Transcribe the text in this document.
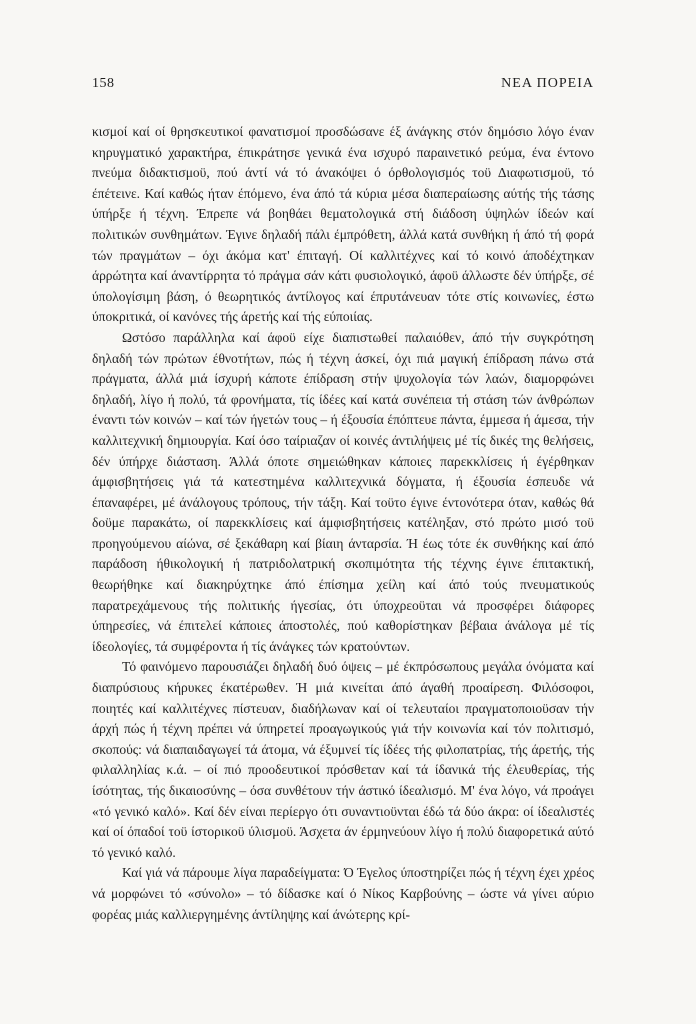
158	ΝΕΑ ΠΟΡΕΙΑ

κισμοί καί οί θρησκευτικοί φανατισμοί προσδώσανε έξ άνάγκης στόν δημόσιο λόγο έναν κηρυγματικό χαρακτήρα, έπικράτησε γενικά ένα ισχυρό παραινετικό ρεύμα, ένα έντονο πνεύμα διδακτισμοϋ, πού άντί νά τό άνακόψει ό όρθολογισμός τοϋ Διαφωτισμοϋ, τό έπέτεινε. Καί καθώς ήταν έπόμενο, ένα άπό τά κύρια μέσα διαπεραίωσης αύτής τής τάσης ύπήρξε ή τέχνη. Έπρεπε νά βοηθάει θεματολογικά στή διάδοση ύψηλών ίδεών καί πολιτικών συνθημάτων. Έγινε δηλαδή πάλι έμπρόθετη, άλλά κατά συνθήκη ή άπό τή φορά τών πραγμάτων – όχι άκόμα κατ' έπιταγή. Οί καλλιτέχνες καί τό κοινό άποδέχτηκαν άρρώτητα καί άναντίρρητα τό πράγμα σάν κάτι φυσιολογικό, άφοϋ άλλωστε δέν ύπήρξε, σέ ύπολογίσιμη βάση, ό θεωρητικός άντίλογος καί έπρυτάνευαν τότε στίς κοινωνίες, έστω ύποκριτικά, οί κανόνες τής άρετής καί τής εύποιίας.

Ωστόσο παράλληλα καί άφοϋ είχε διαπιστωθεί παλαιόθεν, άπό τήν συγκρότηση δηλαδή τών πρώτων έθνοτήτων, πώς ή τέχνη άσκεί, όχι πιά μαγική έπίδραση πάνω στά πράγματα, άλλά μιά ίσχυρή κάποτε έπίδραση στήν ψυχολογία τών λαών, διαμορφώνει δηλαδή, λίγο ή πολύ, τά φρονήματα, τίς ίδέες καί κατά συνέπεια τή στάση τών άνθρώπων έναντι τών κοινών – καί τών ήγετών τους – ή έξουσία έπόπτευε πάντα, έμμεσα ή άμεσα, τήν καλλιτεχνική δημιουργία. Καί όσο ταίριαζαν οί κοινές άντιλήψεις μέ τίς δικές της θελήσεις, δέν ύπήρχε διάσταση. Άλλά όποτε σημειώθηκαν κάποιες παρεκκλίσεις ή έγέρθηκαν άμφισβητήσεις γιά τά κατεστημένα καλλιτεχνικά δόγματα, ή έξουσία έσπευδε νά έπαναφέρει, μέ άνάλογους τρόπους, τήν τάξη. Καί τοϋτο έγινε έντονότερα όταν, καθώς θά δοϋμε παρακάτω, οί παρεκκλίσεις καί άμφισβητήσεις κατέληξαν, στό πρώτο μισό τοϋ προηγούμενου αίώνα, σέ ξεκάθαρη καί βίαιη άνταρσία. Ή έως τότε έκ συνθήκης καί άπό παράδοση ήθικολογική ή πατριδολατρική σκοπιμότητα τής τέχνης έγινε έπιτακτική, θεωρήθηκε καί διακηρύχτηκε άπό έπίσημα χείλη καί άπό τούς πνευματικούς παρατρεχάμενους τής πολιτικής ήγεσίας, ότι ύποχρεοϋται νά προσφέρει διάφορες ύπηρεσίες, νά έπιτελεί κάποιες άποστολές, πού καθορίστηκαν βέβαια άνάλογα μέ τίς ίδεολογίες, τά συμφέροντα ή τίς άνάγκες τών κρατούντων.

Τό φαινόμενο παρουσιάζει δηλαδή δυό όψεις – μέ έκπρόσωπους μεγάλα όνόματα καί διαπρύσιους κήρυκες έκατέρωθεν. Ή μιά κινείται άπό άγαθή προαίρεση. Φιλόσοφοι, ποιητές καί καλλιτέχνες πίστευαν, διαδήλωναν καί οί τελευταίοι πραγματοποιοϋσαν τήν άρχή πώς ή τέχνη πρέπει νά ύπηρετεί προαγωγικούς γιά τήν κοινωνία καί τόν πολιτισμό, σκοπούς: νά διαπαιδαγωγεί τά άτομα, νά έξυμνεί τίς ίδέες τής φιλοπατρίας, τής άρετής, τής φιλαλληλίας κ.ά. – οί πιό προοδευτικοί πρόσθεταν καί τά ίδανικά τής έλευθερίας, τής ίσότητας, τής δικαιοσύνης – όσα συνθέτουν τήν άστικό ίδεαλισμό. Μ' ένα λόγο, νά προάγει «τό γενικό καλό». Καί δέν είναι περίεργο ότι συναντιοϋνται έδώ τά δύο άκρα: οί ίδεαλιστές καί οί όπαδοί τοϋ ίστορικοϋ ύλισμοϋ. Άσχετα άν έρμηνεύουν λίγο ή πολύ διαφορετικά αύτό τό γενικό καλό.

Καί γιά νά πάρουμε λίγα παραδείγματα: Ό Έγελος ύποστηρίζει πώς ή τέχνη έχει χρέος νά μορφώνει τό «σύνολο» – τό δίδασκε καί ό Νίκος Καρβούνης – ώστε νά γίνει αύριο φορέας μιάς καλλιεργημένης άντίληψης καί άνώτερης κρί-
